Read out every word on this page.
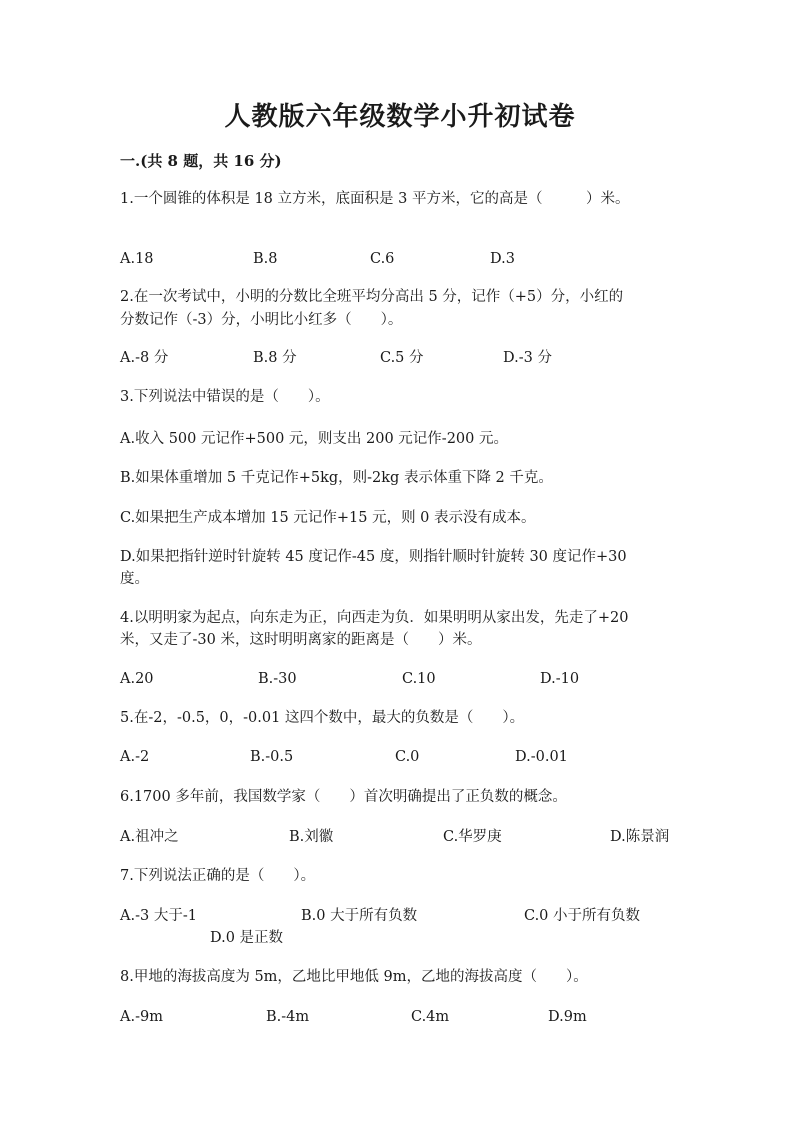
人教版六年级数学小升初试卷
一.(共 8 题，共 16 分)
1.一个圆锥的体积是 18 立方米，底面积是 3 平方米，它的高是（　　　）米。
A.18	B.8	C.6	D.3
2.在一次考试中，小明的分数比全班平均分高出 5 分，记作（+5）分，小红的
分数记作（-3）分，小明比小红多（　　）。
A.-8 分	B.8 分	C.5 分	D.-3 分
3.下列说法中错误的是（　　）。
A.收入 500 元记作+500 元，则支出 200 元记作-200 元。
B.如果体重增加 5 千克记作+5kg，则-2kg 表示体重下降 2 千克。
C.如果把生产成本增加 15 元记作+15 元，则 0 表示没有成本。
D.如果把指针逆时针旋转 45 度记作-45 度，则指针顺时针旋转 30 度记作+30
度。
4.以明明家为起点，向东走为正，向西走为负．如果明明从家出发，先走了+20
米，又走了-30 米，这时明明离家的距离是（　　）米。
A.20	B.-30	C.10	D.-10
5.在-2，-0.5，0，-0.01 这四个数中，最大的负数是（　　）。
A.-2	B.-0.5	C.0	D.-0.01
6.1700 多年前，我国数学家（　　）首次明确提出了正负数的概念。
A.祖冲之	B.刘徽	C.华罗庚	D.陈景润
7.下列说法正确的是（　　）。
A.-3 大于-1	B.0 大于所有负数	C.0 小于所有负数
D.0 是正数
8.甲地的海拔高度为 5m，乙地比甲地低 9m，乙地的海拔高度（　　）。
A.-9m	B.-4m	C.4m	D.9m
